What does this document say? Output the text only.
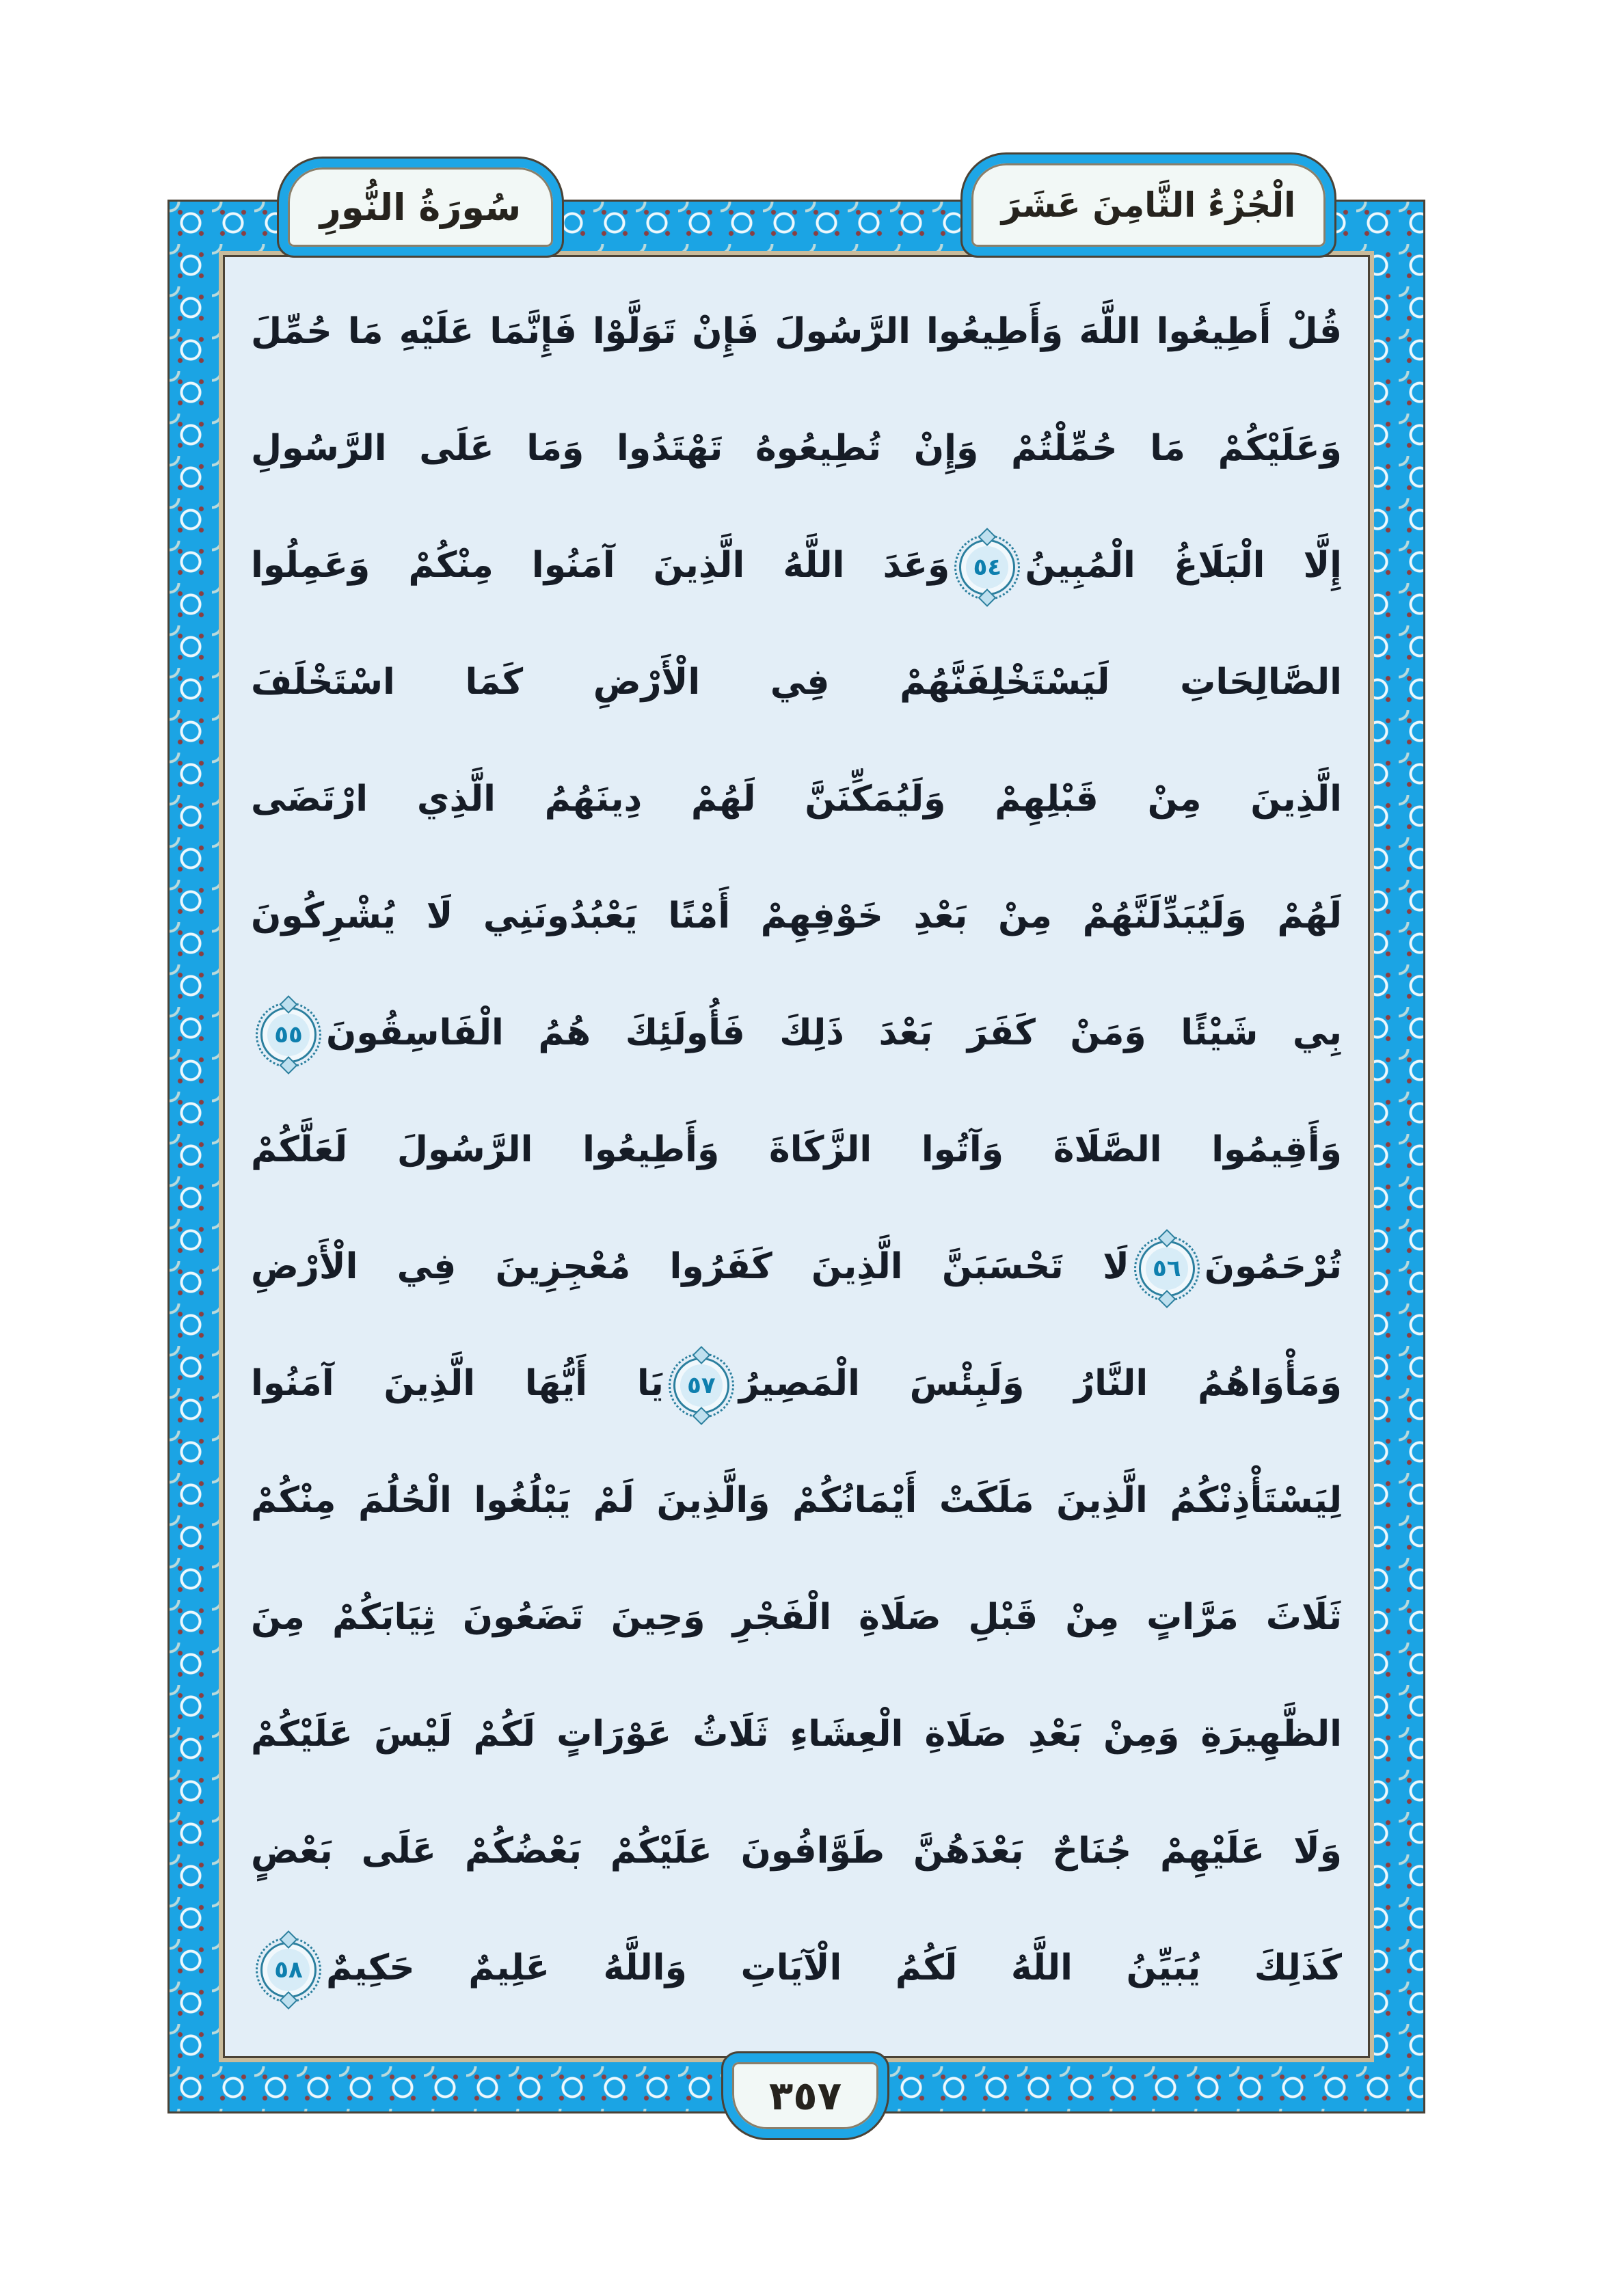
سُورَةُ النُّورِ	الْجُزْءُ الثَّامِنَ عَشَرَ
قُلْ أَطِيعُوا اللَّهَ وَأَطِيعُوا الرَّسُولَ فَإِنْ تَوَلَّوْا فَإِنَّمَا عَلَيْهِ مَا حُمِّلَ
وَعَلَيْكُمْ مَا حُمِّلْتُمْ وَإِنْ تُطِيعُوهُ تَهْتَدُوا وَمَا عَلَى الرَّسُولِ
إِلَّا الْبَلَاغُ الْمُبِينُ
٥٤
وَعَدَ اللَّهُ الَّذِينَ آمَنُوا مِنْكُمْ وَعَمِلُوا
الصَّالِحَاتِ لَيَسْتَخْلِفَنَّهُمْ فِي الْأَرْضِ كَمَا اسْتَخْلَفَ
الَّذِينَ مِنْ قَبْلِهِمْ وَلَيُمَكِّنَنَّ لَهُمْ دِينَهُمُ الَّذِي ارْتَضَى
لَهُمْ وَلَيُبَدِّلَنَّهُمْ مِنْ بَعْدِ خَوْفِهِمْ أَمْنًا يَعْبُدُونَنِي لَا يُشْرِكُونَ
بِي شَيْئًا وَمَنْ كَفَرَ بَعْدَ ذَلِكَ فَأُولَئِكَ هُمُ الْفَاسِقُونَ
٥٥
وَأَقِيمُوا الصَّلَاةَ وَآتُوا الزَّكَاةَ وَأَطِيعُوا الرَّسُولَ لَعَلَّكُمْ
تُرْحَمُونَ
٥٦
لَا تَحْسَبَنَّ الَّذِينَ كَفَرُوا مُعْجِزِينَ فِي الْأَرْضِ
وَمَأْوَاهُمُ النَّارُ وَلَبِئْسَ الْمَصِيرُ
٥٧
يَا أَيُّهَا الَّذِينَ آمَنُوا
لِيَسْتَأْذِنْكُمُ الَّذِينَ مَلَكَتْ أَيْمَانُكُمْ وَالَّذِينَ لَمْ يَبْلُغُوا الْحُلُمَ مِنْكُمْ
ثَلَاثَ مَرَّاتٍ مِنْ قَبْلِ صَلَاةِ الْفَجْرِ وَحِينَ تَضَعُونَ ثِيَابَكُمْ مِنَ
الظَّهِيرَةِ وَمِنْ بَعْدِ صَلَاةِ الْعِشَاءِ ثَلَاثُ عَوْرَاتٍ لَكُمْ لَيْسَ عَلَيْكُمْ
وَلَا عَلَيْهِمْ جُنَاحٌ بَعْدَهُنَّ طَوَّافُونَ عَلَيْكُمْ بَعْضُكُمْ عَلَى بَعْضٍ
كَذَلِكَ يُبَيِّنُ اللَّهُ لَكُمُ الْآيَاتِ وَاللَّهُ عَلِيمٌ حَكِيمٌ
٥٨
٣٥٧
